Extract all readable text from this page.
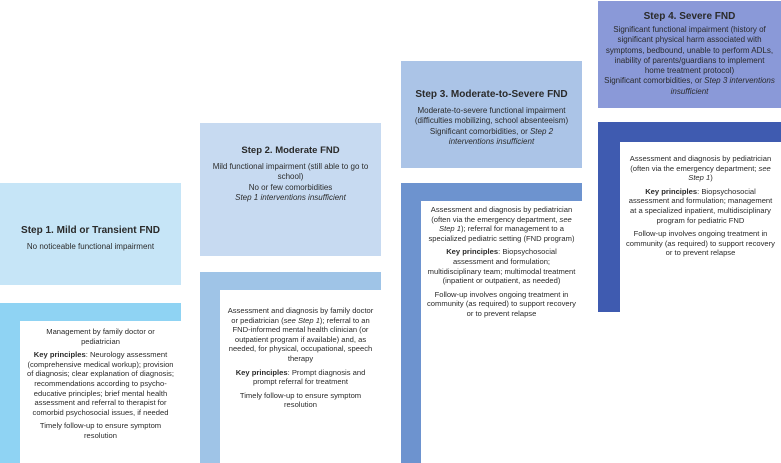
Step 1. Mild or Transient FND
No noticeable functional impairment

Management by family doctor or pediatrician

Key principles: Neurology assessment (comprehensive medical workup); provision of diagnosis; clear explanation of diagnosis; recommendations according to psycho-educative principles; brief mental health assessment and referral to therapist for comorbid psychosocial issues, if needed

Timely follow-up to ensure symptom resolution

Step 2. Moderate FND
Mild functional impairment (still able to go to school)
No or few comorbidities
Step 1 interventions insufficient

Assessment and diagnosis by family doctor or pediatrician (see Step 1); referral to an FND-informed mental health clinician (or outpatient program if available) and, as needed, for physical, occupational, speech therapy

Key principles: Prompt diagnosis and prompt referral for treatment

Timely follow-up to ensure symptom resolution

Step 3. Moderate-to-Severe FND
Moderate-to-severe functional impairment (difficulties mobilizing, school absenteeism)
Significant comorbidities, or Step 2 interventions insufficient

Assessment and diagnosis by pediatrician (often via the emergency department, see Step 1); referral for management to a specialized pediatric setting (FND program)

Key principles: Biopsychosocial assessment and formulation; multidisciplinary team; multimodal treatment (inpatient or outpatient, as needed)

Follow-up involves ongoing treatment in community (as required) to support recovery or to prevent relapse

Step 4. Severe FND
Significant functional impairment (history of significant physical harm associated with symptoms, bedbound, unable to perform ADLs, inability of parents/guardians to implement home treatment protocol)
Significant comorbidities, or Step 3 interventions insufficient

Assessment and diagnosis by pediatrician (often via the emergency department; see Step 1)

Key principles: Biopsychosocial assessment and formulation; management at a specialized inpatient, multidisciplinary program for pediatric FND

Follow-up involves ongoing treatment in community (as required) to support recovery or to prevent relapse
